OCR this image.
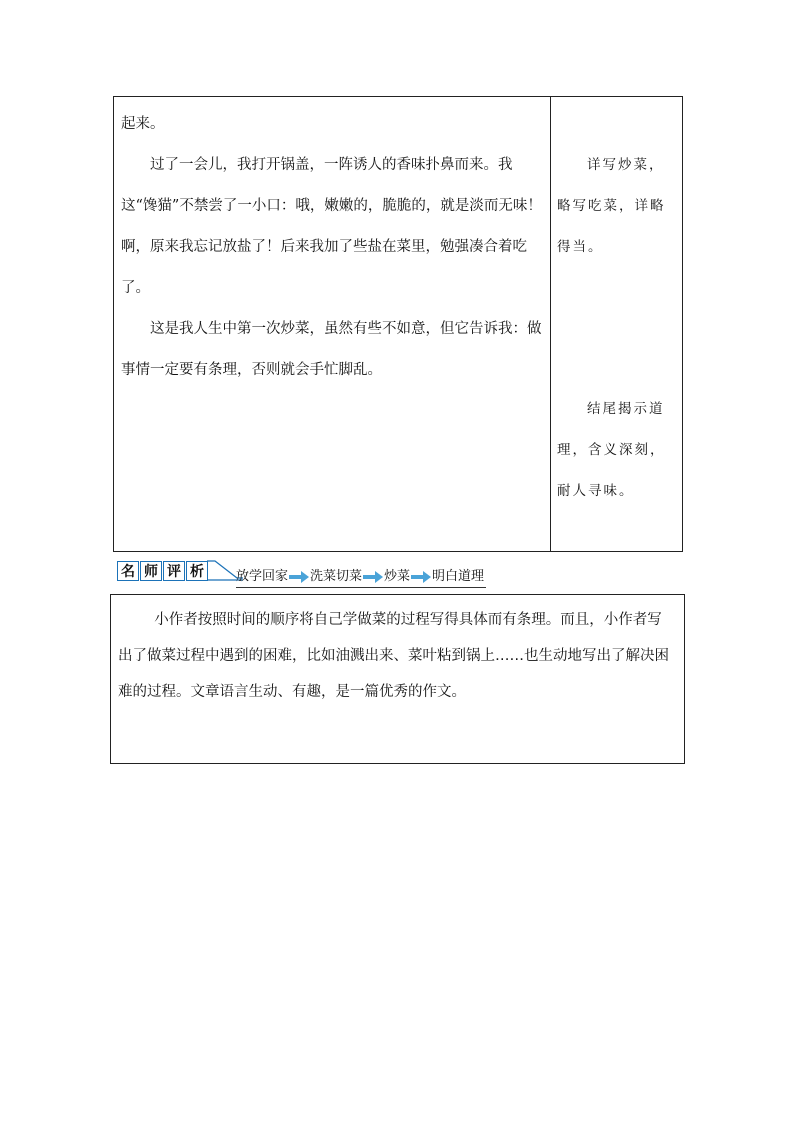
起来。

过了一会儿，我打开锅盖，一阵诱人的香味扑鼻而来。我这“馋猫”不禁尝了一小口：哦，嫩嫩的，脆脆的，就是淡而无味！啊，原来我忘记放盐了！后来我加了些盐在菜里，勉强凑合着吃了。

这是我人生中第一次炒菜，虽然有些不如意，但它告诉我：做事情一定要有条理，否则就会手忙脚乱。

详写炒菜，
略写吃菜，详略
得当。
结尾揭示道
理，含义深刻，
耐人寻味。
名 师 评 析	放学回家 洗菜切菜 炒菜 明白道理

小作者按照时间的顺序将自己学做菜的过程写得具体而有条理。而且，小作者写出了做菜过程中遇到的困难，比如油溅出来、菜叶粘到锅上……也生动地写出了解决困难的过程。文章语言生动、有趣，是一篇优秀的作文。
